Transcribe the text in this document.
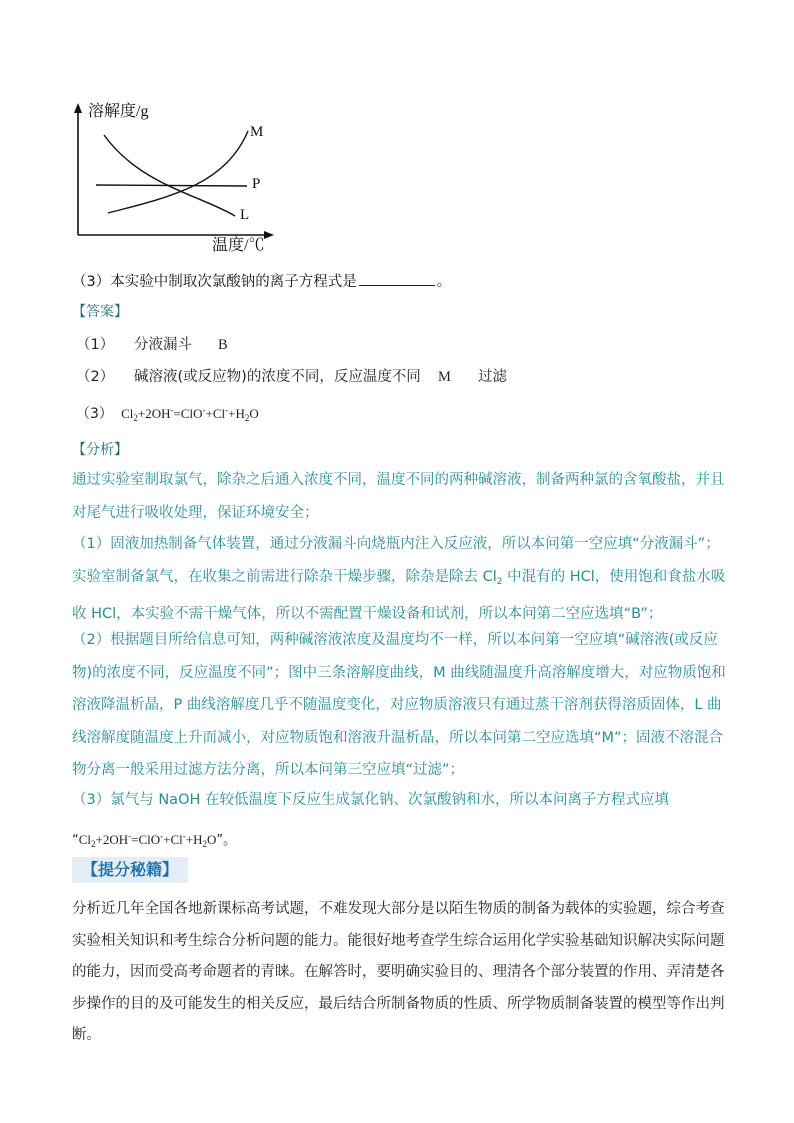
溶解度/g
温度/℃
M
P
L
（3）本实验中制取次氯酸钠的离子方程式是	。
【答案】
（1） 分液漏斗 B
（2） 碱溶液(或反应物)的浓度不同，反应温度不同 M 过滤
（3） $Cl_2+2OH^-=ClO^-+Cl^-+H_2O$
【分析】
通过实验室制取氯气，除杂之后通入浓度不同，温度不同的两种碱溶液，制备两种氯的含氧酸盐，并且对尾气进行吸收处理，保证环境安全；
（1）固液加热制备气体装置，通过分液漏斗向烧瓶内注入反应液，所以本问第一空应填“分液漏斗”；实验室制备氯气，在收集之前需进行除杂干燥步骤，除杂是除去 $Cl_2$ 中混有的 HCl，使用饱和食盐水吸收 HCl，本实验不需干燥气体，所以不需配置干燥设备和试剂，所以本问第二空应选填“B”；
（2）根据题目所给信息可知，两种碱溶液浓度及温度均不一样，所以本问第一空应填“碱溶液(或反应物)的浓度不同，反应温度不同”；图中三条溶解度曲线，M 曲线随温度升高溶解度增大，对应物质饱和溶液降温析晶，P 曲线溶解度几乎不随温度变化，对应物质溶液只有通过蒸干溶剂获得溶质固体，L 曲线溶解度随温度上升而减小，对应物质饱和溶液升温析晶，所以本问第二空应选填“M”；固液不溶混合物分离一般采用过滤方法分离，所以本问第三空应填“过滤”；
（3）氯气与 NaOH 在较低温度下反应生成氯化钠、次氯酸钠和水，所以本问离子方程式应填
“$Cl_2+2OH^-=ClO^-+Cl^-+H_2O$”。
【提分秘籍】
分析近几年全国各地新课标高考试题，不难发现大部分是以陌生物质的制备为载体的实验题，综合考查实验相关知识和考生综合分析问题的能力。能很好地考查学生综合运用化学实验基础知识解决实际问题的能力，因而受高考命题者的青睐。在解答时，要明确实验目的、理清各个部分装置的作用、弄清楚各步操作的目的及可能发生的相关反应，最后结合所制备物质的性质、所学物质制备装置的模型等作出判断。
